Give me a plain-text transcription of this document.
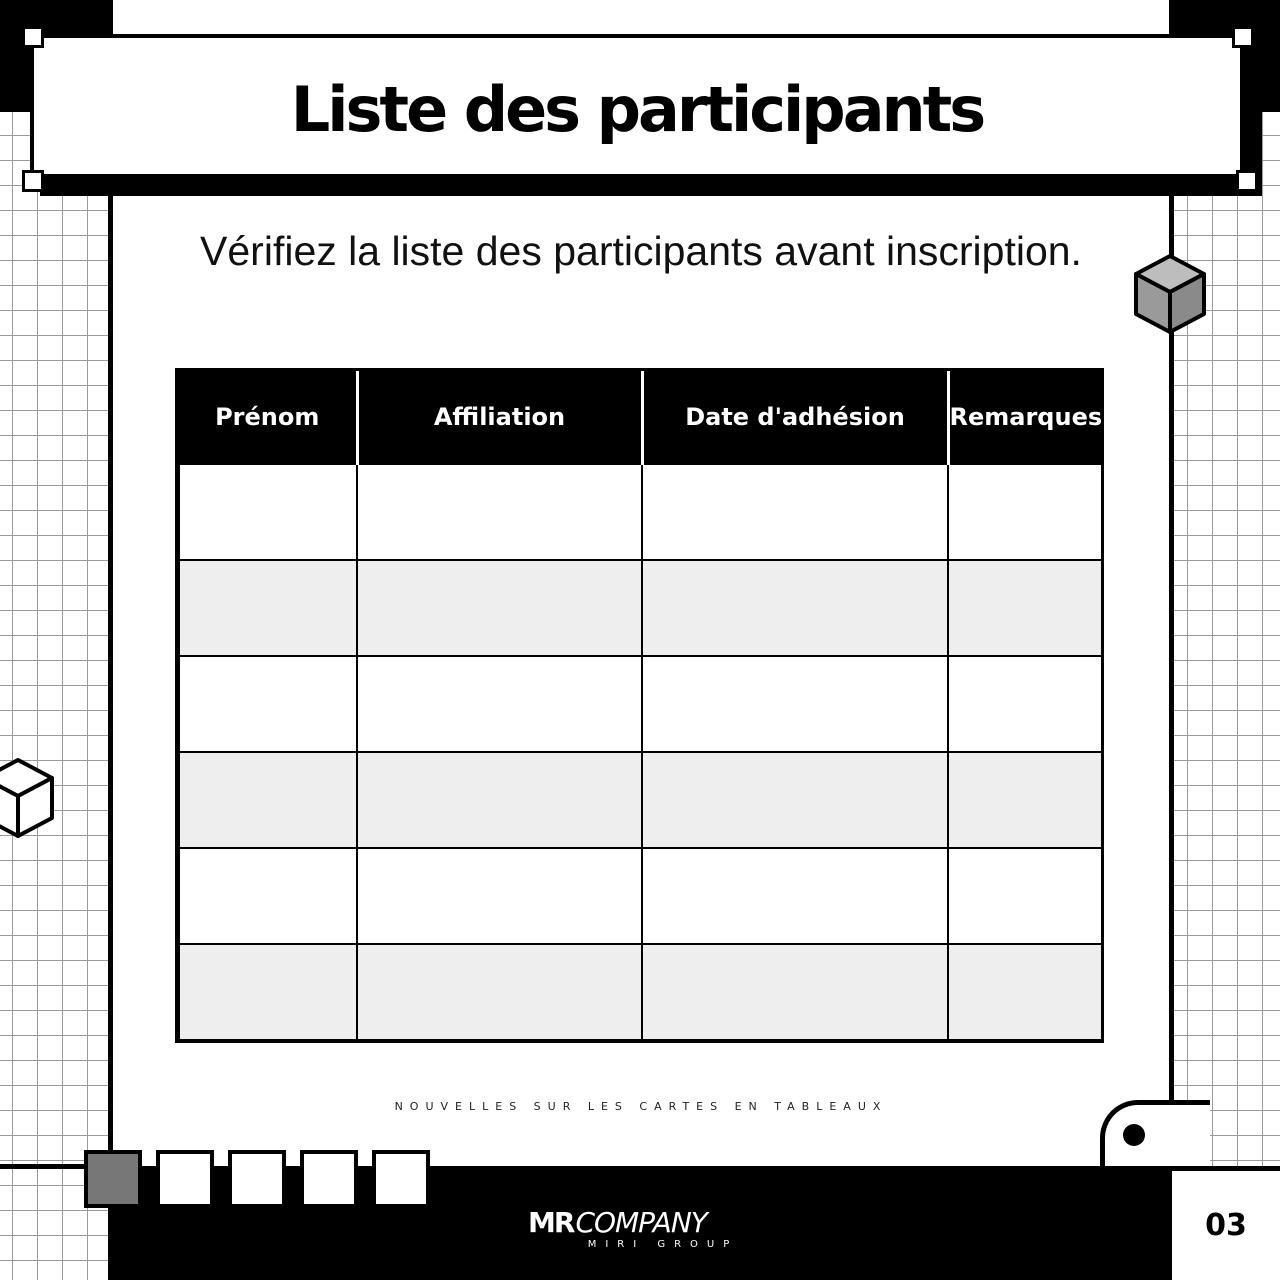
Liste des participants
Vérifiez la liste des participants avant inscription.
Prénom	Affiliation	Date d'adhésion	Remarques

NOUVELLES SUR LES CARTES EN TABLEAUX
03
MR COMPANY
MIRI GROUP
